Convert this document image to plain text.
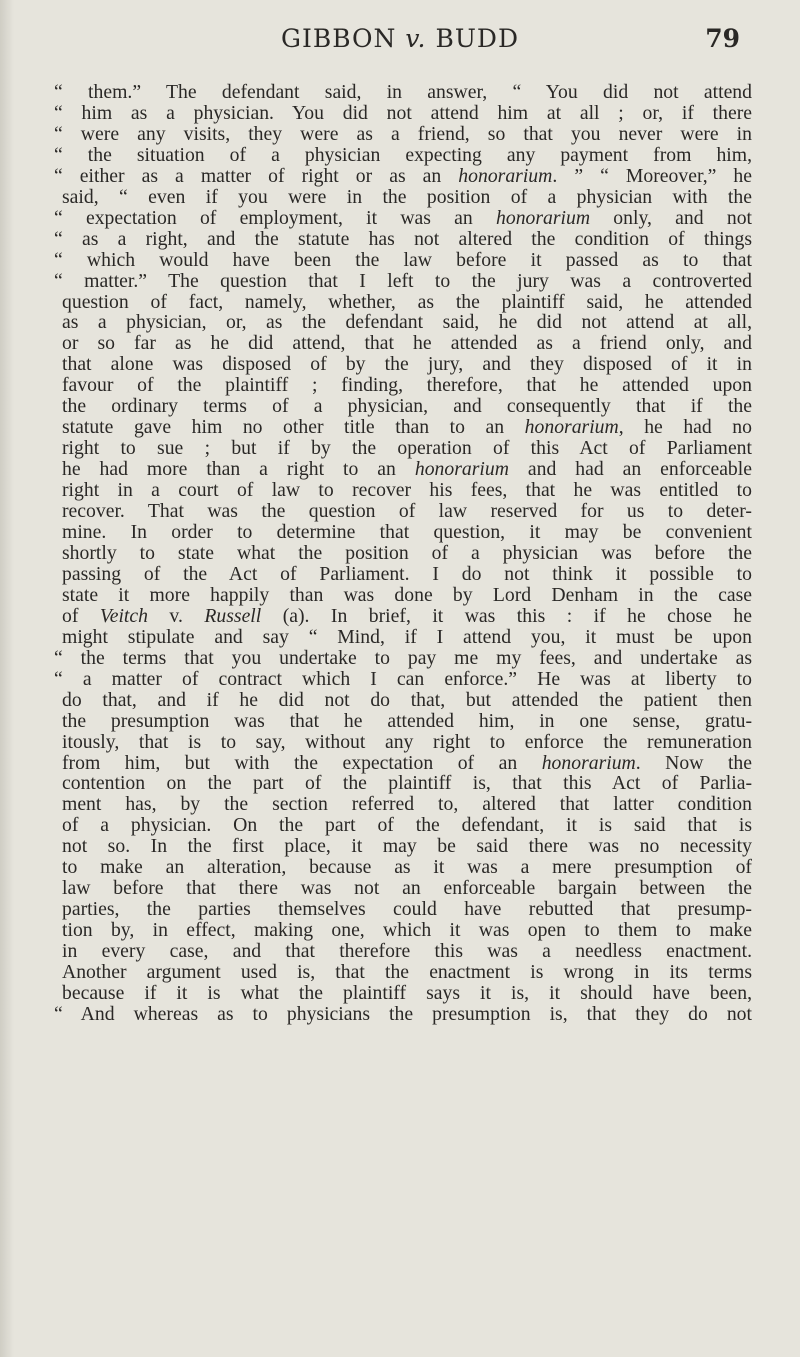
GIBBON v. BUDD	79
“ them.” The defendant said, in answer, “ You did not attend
“ him as a physician. You did not attend him at all ; or, if there
“ were any visits, they were as a friend, so that you never were in
“ the situation of a physician expecting any payment from him,
“ either as a matter of right or as an honorarium. ” “ Moreover,” he
said, “ even if you were in the position of a physician with the
“ expectation of employment, it was an honorarium only, and not
“ as a right, and the statute has not altered the condition of things
“ which would have been the law before it passed as to that
“ matter.” The question that I left to the jury was a controverted
question of fact, namely, whether, as the plaintiff said, he attended
as a physician, or, as the defendant said, he did not attend at all,
or so far as he did attend, that he attended as a friend only, and
that alone was disposed of by the jury, and they disposed of it in
favour of the plaintiff ; finding, therefore, that he attended upon
the ordinary terms of a physician, and consequently that if the
statute gave him no other title than to an honorarium, he had no
right to sue ; but if by the operation of this Act of Parliament
he had more than a right to an honorarium and had an enforceable
right in a court of law to recover his fees, that he was entitled to
recover. That was the question of law reserved for us to deter-
mine. In order to determine that question, it may be convenient
shortly to state what the position of a physician was before the
passing of the Act of Parliament. I do not think it possible to
state it more happily than was done by Lord Denham in the case
of Veitch v. Russell (a). In brief, it was this : if he chose he
might stipulate and say “ Mind, if I attend you, it must be upon
“ the terms that you undertake to pay me my fees, and undertake as
“ a matter of contract which I can enforce.” He was at liberty to
do that, and if he did not do that, but attended the patient then
the presumption was that he attended him, in one sense, gratu-
itously, that is to say, without any right to enforce the remuneration
from him, but with the expectation of an honorarium. Now the
contention on the part of the plaintiff is, that this Act of Parlia-
ment has, by the section referred to, altered that latter condition
of a physician. On the part of the defendant, it is said that is
not so. In the first place, it may be said there was no necessity
to make an alteration, because as it was a mere presumption of
law before that there was not an enforceable bargain between the
parties, the parties themselves could have rebutted that presump-
tion by, in effect, making one, which it was open to them to make
in every case, and that therefore this was a needless enactment.
Another argument used is, that the enactment is wrong in its terms
because if it is what the plaintiff says it is, it should have been,
“ And whereas as to physicians the presumption is, that they do not
